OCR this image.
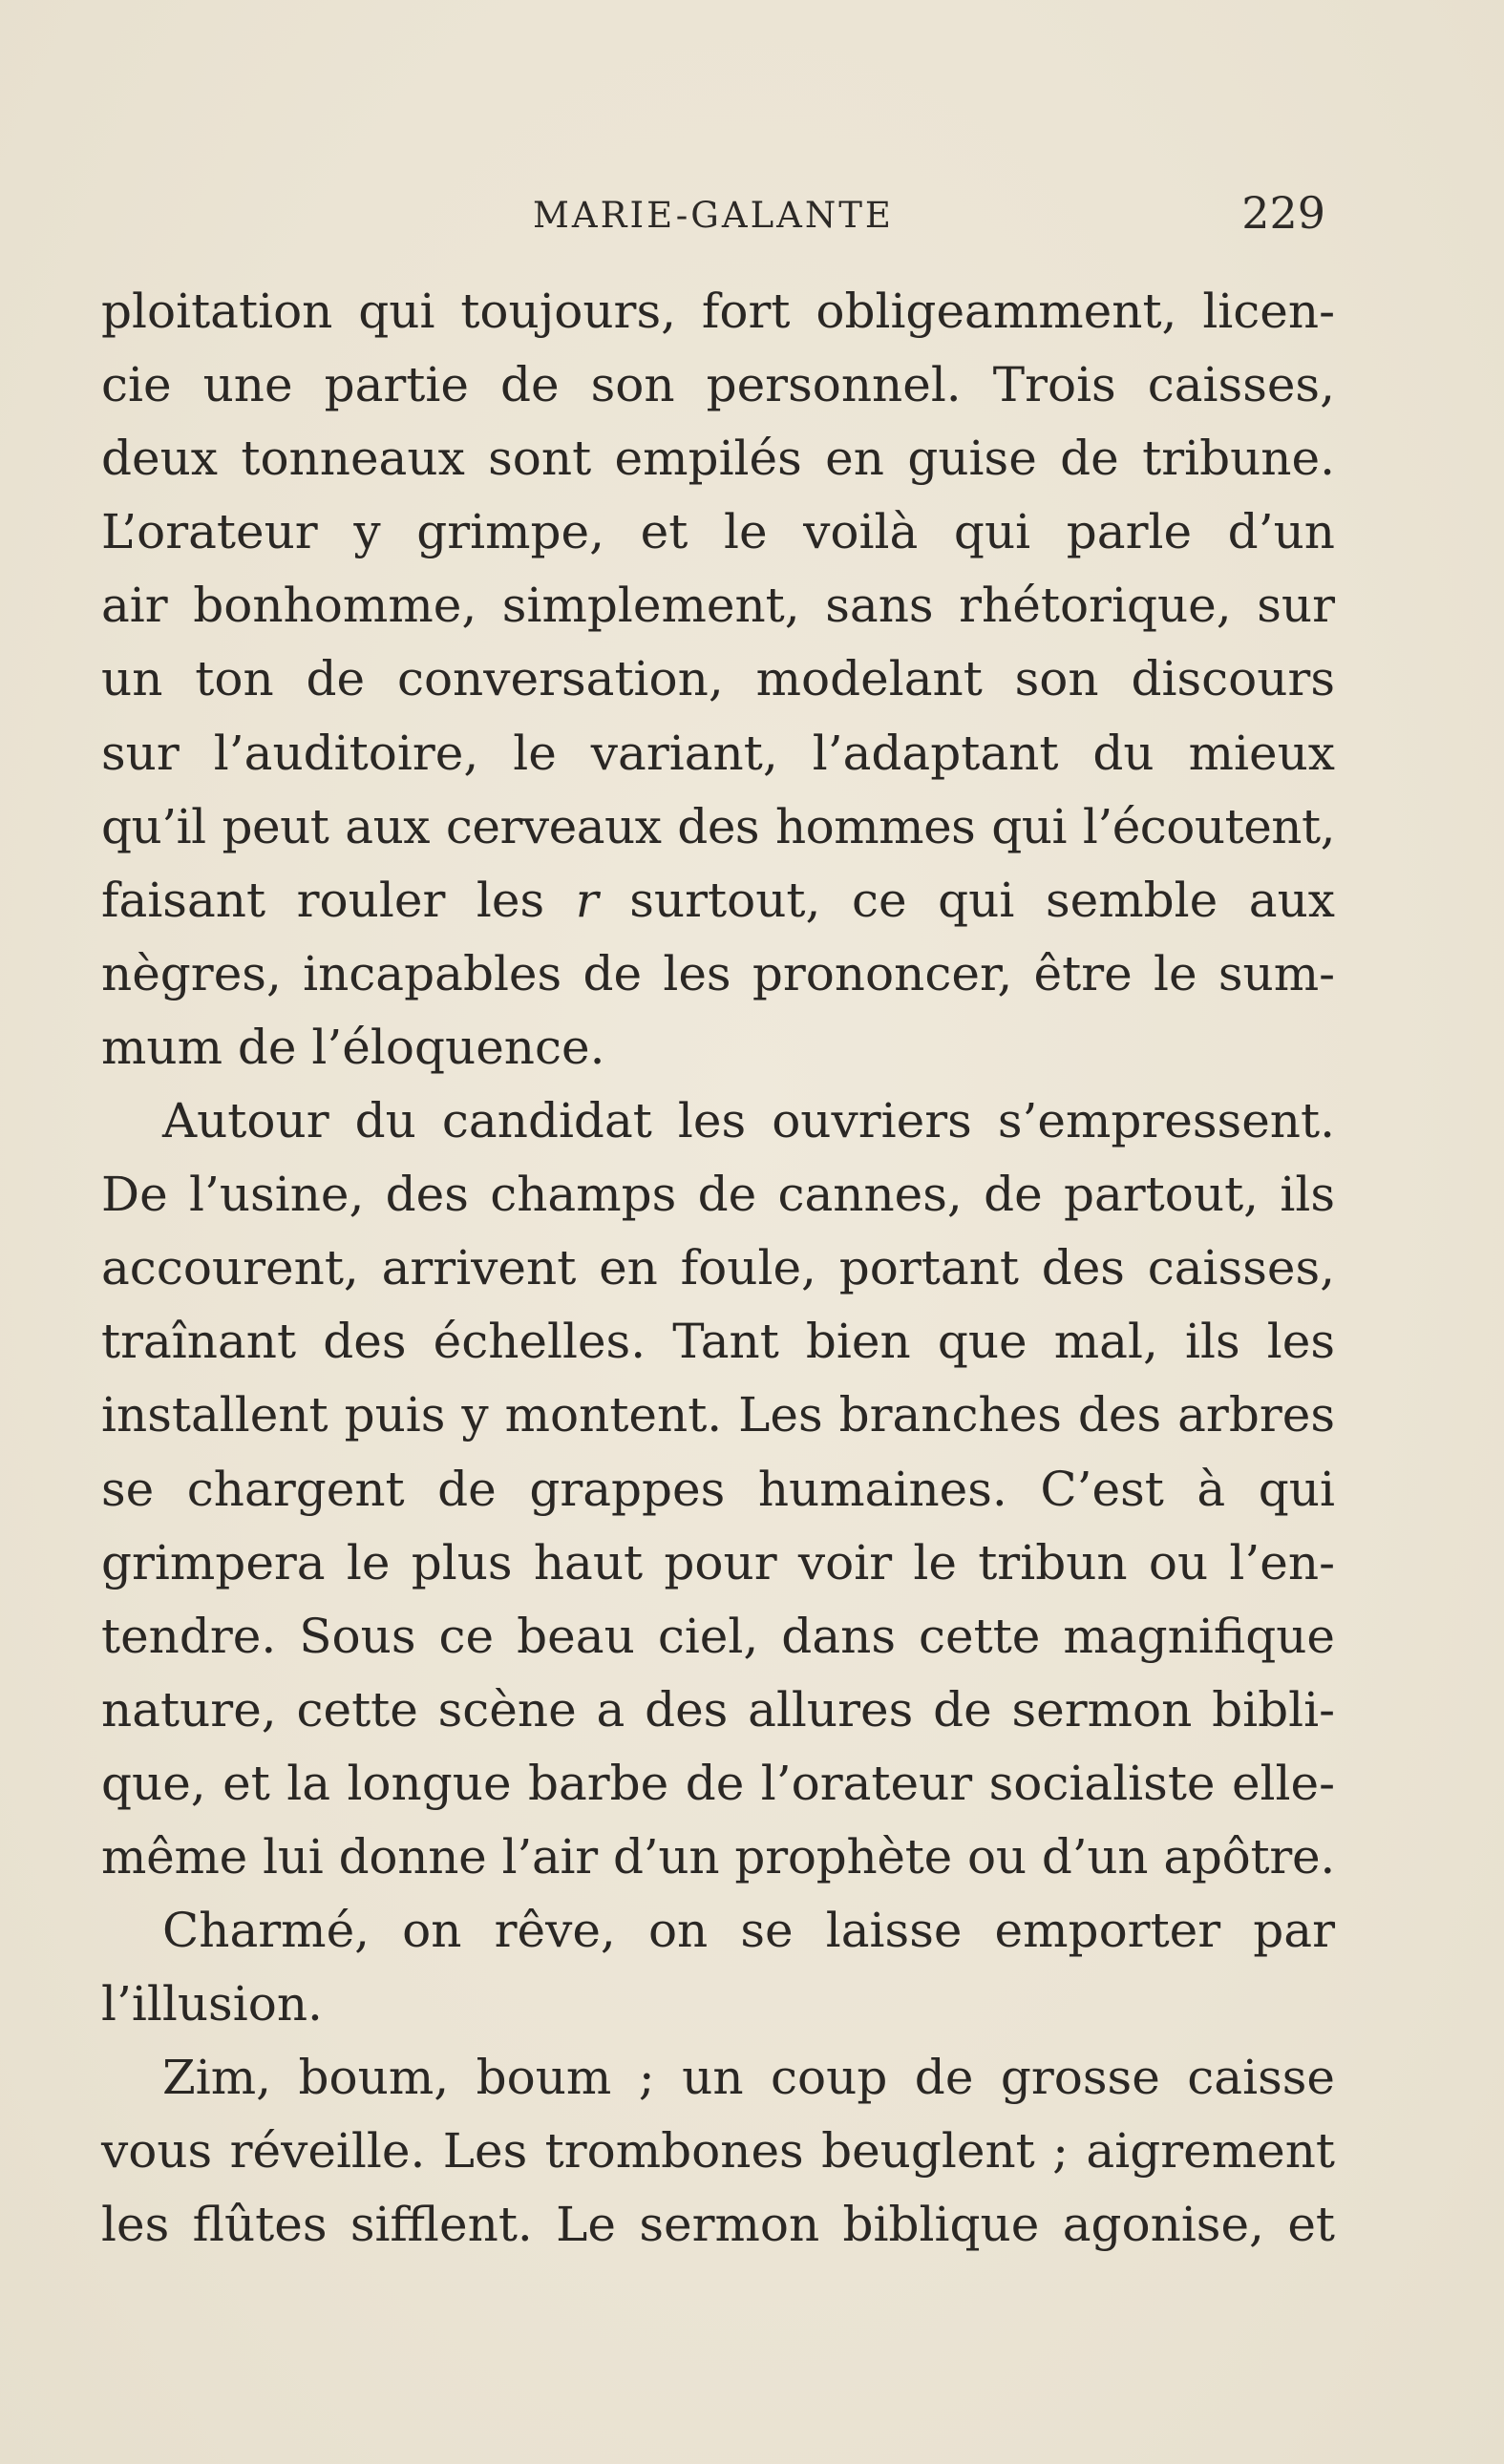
MARIE-GALANTE	229
ploitation qui toujours, fort obligeamment, licen-
cie une partie de son personnel. Trois caisses,
deux tonneaux sont empilés en guise de tribune.
L’orateur y grimpe, et le voilà qui parle d’un
air bonhomme, simplement, sans rhétorique, sur
un ton de conversation, modelant son discours
sur l’auditoire, le variant, l’adaptant du mieux
qu’il peut aux cerveaux des hommes qui l’écoutent,
faisant rouler les r surtout, ce qui semble aux
nègres, incapables de les prononcer, être le sum-
mum de l’éloquence.
Autour du candidat les ouvriers s’empressent.
De l’usine, des champs de cannes, de partout, ils
accourent, arrivent en foule, portant des caisses,
traînant des échelles. Tant bien que mal, ils les
installent puis y montent. Les branches des arbres
se chargent de grappes humaines. C’est à qui
grimpera le plus haut pour voir le tribun ou l’en-
tendre. Sous ce beau ciel, dans cette magnifique
nature, cette scène a des allures de sermon bibli-
que, et la longue barbe de l’orateur socialiste elle-
même lui donne l’air d’un prophète ou d’un apôtre.
Charmé, on rêve, on se laisse emporter par
l’illusion.
Zim, boum, boum ; un coup de grosse caisse
vous réveille. Les trombones beuglent ; aigrement
les flûtes sifflent. Le sermon biblique agonise, et
